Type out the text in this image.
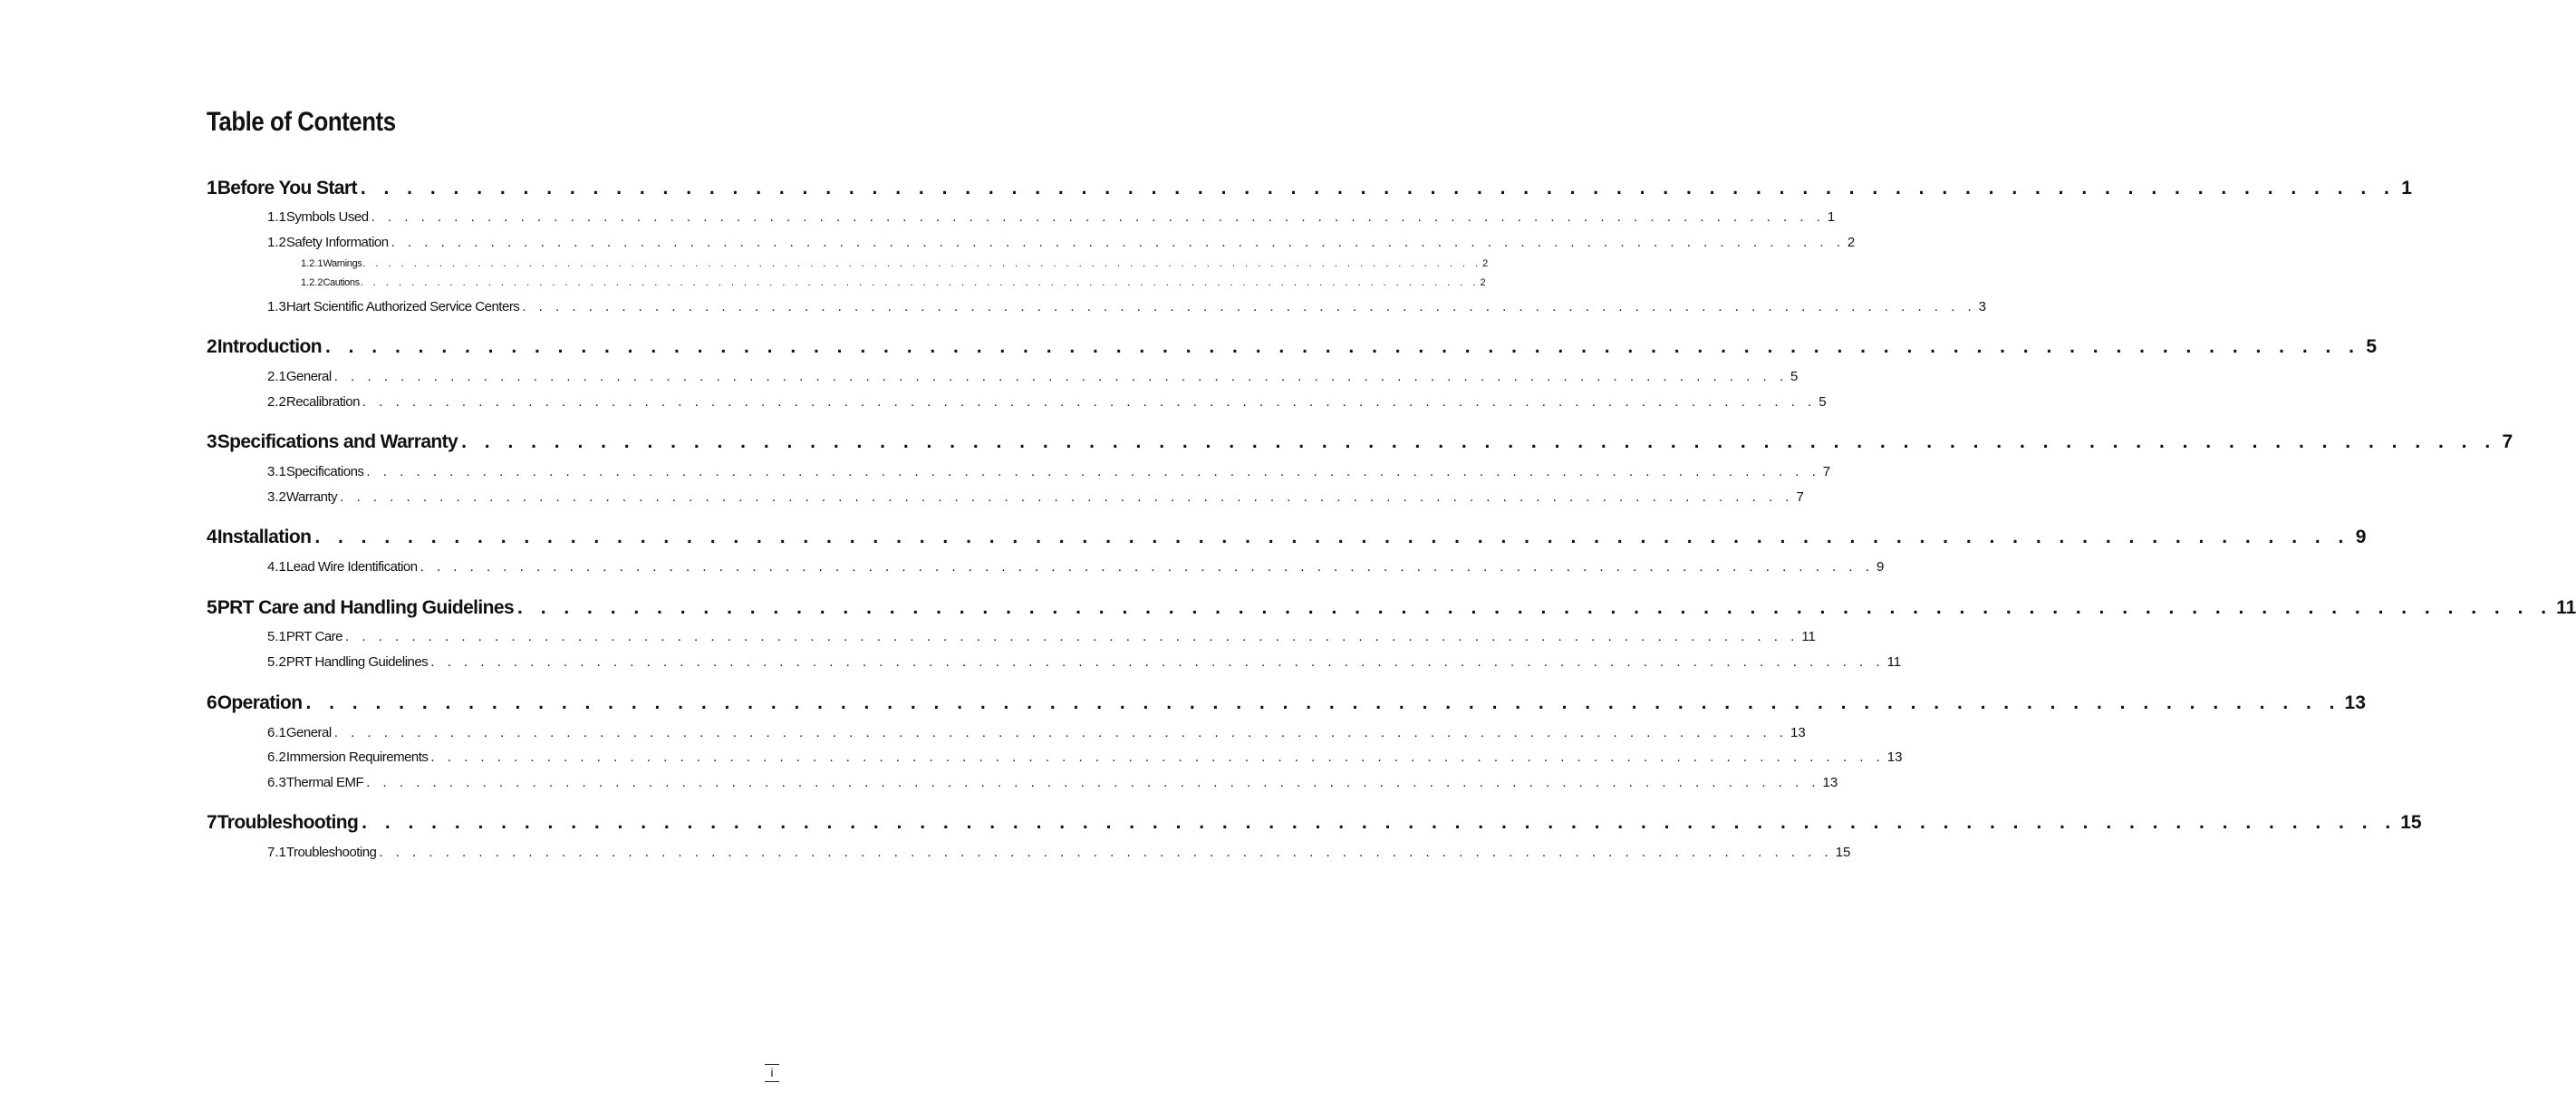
Table of Contents
1 Before You Start . . . . . . . . . . . . . . . . . . . . . . . . . . . . . . . . . . . . . . . . . . . . . . . . . . . . . . . . . . . . . . . . . . . . . . . . . . . . . . . . . . . . . . . . 1
1.1 Symbols Used . . . . . . . . . . . . . . . . . . . . . . . . . . . . . . . . . . . . . . . . . . . . . . . . . . . . . . . . . . . . . . . . . . . . . . . . . . . . . . . . . . . . . . . . 1
1.2 Safety Information . . . . . . . . . . . . . . . . . . . . . . . . . . . . . . . . . . . . . . . . . . . . . . . . . . . . . . . . . . . . . . . . . . . . . . . . . . . . . . . . . . . . . . . . 2
1.2.1 Warnings . . . . . . . . . . . . . . . . . . . . . . . . . . . . . . . . . . . . . . . . . . . . . . . . . . . . . . . . . . . . . . . . . . . . . . . . . . . . . . . . . . . . . . . . 2
1.2.2 Cautions . . . . . . . . . . . . . . . . . . . . . . . . . . . . . . . . . . . . . . . . . . . . . . . . . . . . . . . . . . . . . . . . . . . . . . . . . . . . . . . . . . . . . . . . 2
1.3 Hart Scientific Authorized Service Centers . . . . . . . . . . . . . . . . . . . . . . . . . . . . . . . . . . . . . . . . . . . . . . . . . . . . . . . . . . . . . . . . . . . . . . . . . . . . . . . . . . . . . . . . 3
2 Introduction . . . . . . . . . . . . . . . . . . . . . . . . . . . . . . . . . . . . . . . . . . . . . . . . . . . . . . . . . . . . . . . . . . . . . . . . . . . . . . . . . . . . . . . . 5
2.1 General . . . . . . . . . . . . . . . . . . . . . . . . . . . . . . . . . . . . . . . . . . . . . . . . . . . . . . . . . . . . . . . . . . . . . . . . . . . . . . . . . . . . . . . . 5
2.2 Recalibration . . . . . . . . . . . . . . . . . . . . . . . . . . . . . . . . . . . . . . . . . . . . . . . . . . . . . . . . . . . . . . . . . . . . . . . . . . . . . . . . . . . . . . . . 5
3 Specifications and Warranty . . . . . . . . . . . . . . . . . . . . . . . . . . . . . . . . . . . . . . . . . . . . . . . . . . . . . . . . . . . . . . . . . . . . . . . . . . . . . . . . . . . . . . . . 7
3.1 Specifications . . . . . . . . . . . . . . . . . . . . . . . . . . . . . . . . . . . . . . . . . . . . . . . . . . . . . . . . . . . . . . . . . . . . . . . . . . . . . . . . . . . . . . . . 7
3.2 Warranty . . . . . . . . . . . . . . . . . . . . . . . . . . . . . . . . . . . . . . . . . . . . . . . . . . . . . . . . . . . . . . . . . . . . . . . . . . . . . . . . . . . . . . . . 7
4 Installation . . . . . . . . . . . . . . . . . . . . . . . . . . . . . . . . . . . . . . . . . . . . . . . . . . . . . . . . . . . . . . . . . . . . . . . . . . . . . . . . . . . . . . . . 9
4.1 Lead Wire Identification . . . . . . . . . . . . . . . . . . . . . . . . . . . . . . . . . . . . . . . . . . . . . . . . . . . . . . . . . . . . . . . . . . . . . . . . . . . . . . . . . . . . . . . . 9
5 PRT Care and Handling Guidelines . . . . . . . . . . . . . . . . . . . . . . . . . . . . . . . . . . . . . . . . . . . . . . . . . . . . . . . . . . . . . . . . . . . . . . . . . . . . . . . . . . . . . . . . 11
5.1 PRT Care . . . . . . . . . . . . . . . . . . . . . . . . . . . . . . . . . . . . . . . . . . . . . . . . . . . . . . . . . . . . . . . . . . . . . . . . . . . . . . . . . . . . . . . . 11
5.2 PRT Handling Guidelines . . . . . . . . . . . . . . . . . . . . . . . . . . . . . . . . . . . . . . . . . . . . . . . . . . . . . . . . . . . . . . . . . . . . . . . . . . . . . . . . . . . . . . . . 11
6 Operation . . . . . . . . . . . . . . . . . . . . . . . . . . . . . . . . . . . . . . . . . . . . . . . . . . . . . . . . . . . . . . . . . . . . . . . . . . . . . . . . . . . . . . . . 13
6.1 General . . . . . . . . . . . . . . . . . . . . . . . . . . . . . . . . . . . . . . . . . . . . . . . . . . . . . . . . . . . . . . . . . . . . . . . . . . . . . . . . . . . . . . . . 13
6.2 Immersion Requirements . . . . . . . . . . . . . . . . . . . . . . . . . . . . . . . . . . . . . . . . . . . . . . . . . . . . . . . . . . . . . . . . . . . . . . . . . . . . . . . . . . . . . . . . 13
6.3 Thermal EMF . . . . . . . . . . . . . . . . . . . . . . . . . . . . . . . . . . . . . . . . . . . . . . . . . . . . . . . . . . . . . . . . . . . . . . . . . . . . . . . . . . . . . . . . 13
7 Troubleshooting . . . . . . . . . . . . . . . . . . . . . . . . . . . . . . . . . . . . . . . . . . . . . . . . . . . . . . . . . . . . . . . . . . . . . . . . . . . . . . . . . . . . . . . . 15
7.1 Troubleshooting . . . . . . . . . . . . . . . . . . . . . . . . . . . . . . . . . . . . . . . . . . . . . . . . . . . . . . . . . . . . . . . . . . . . . . . . . . . . . . . . . . . . . . . . 15
i
